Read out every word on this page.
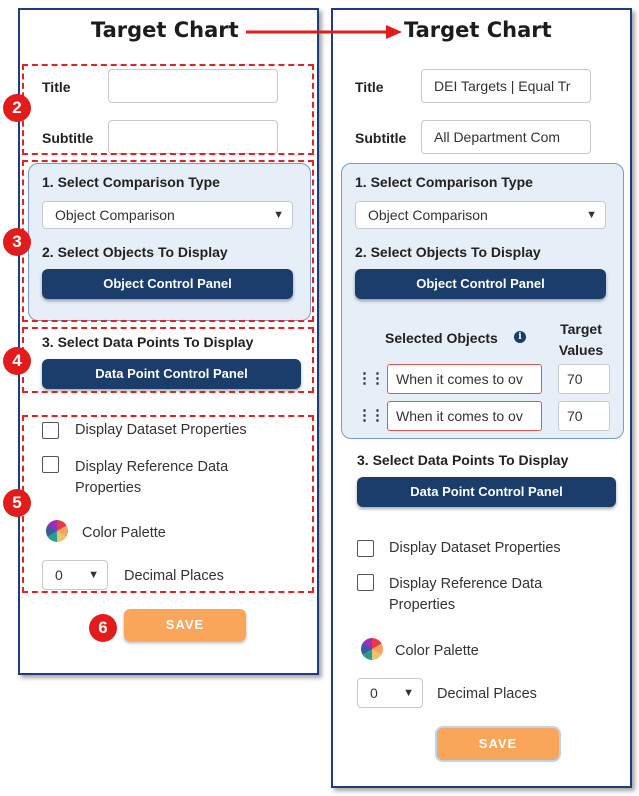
Target Chart
Title
Subtitle
1. Select Comparison Type
Object Comparison	▼
2. Select Objects To Display
Object Control Panel
3. Select Data Points To Display
Data Point Control Panel
Display Dataset Properties
Display Reference Data Properties
Color Palette
0 ▼ Decimal Places
SAVE
Target Chart
Title	DEI Targets | Equal Tr
Subtitle	All Department Com
1. Select Comparison Type
Object Comparison	▼
2. Select Objects To Display
Object Control Panel
Selected Objects	i	Target Values
⋮⋮ When it comes to ov	70
⋮⋮ When it comes to ov	70
3. Select Data Points To Display
Data Point Control Panel
Display Dataset Properties
Display Reference Data Properties
Color Palette
0 ▼ Decimal Places
SAVE
2
3
4
5
6
